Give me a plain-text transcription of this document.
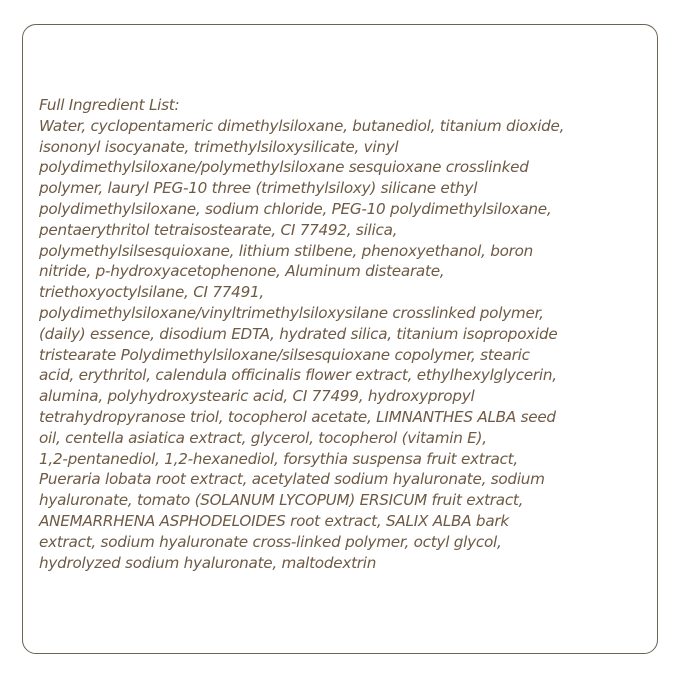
Full Ingredient List:
Water, cyclopentameric dimethylsiloxane, butanediol, titanium dioxide,
isononyl isocyanate, trimethylsiloxysilicate, vinyl
polydimethylsiloxane/polymethylsiloxane sesquioxane crosslinked
polymer, lauryl PEG-10 three (trimethylsiloxy) silicane ethyl
polydimethylsiloxane, sodium chloride, PEG-10 polydimethylsiloxane,
pentaerythritol tetraisostearate, CI 77492, silica,
polymethylsilsesquioxane, lithium stilbene, phenoxyethanol, boron
nitride, p-hydroxyacetophenone, Aluminum distearate,
triethoxyoctylsilane, CI 77491,
polydimethylsiloxane/vinyltrimethylsiloxysilane crosslinked polymer,
(daily) essence, disodium EDTA, hydrated silica, titanium isopropoxide
tristearate Polydimethylsiloxane/silsesquioxane copolymer, stearic
acid, erythritol, calendula officinalis flower extract, ethylhexylglycerin,
alumina, polyhydroxystearic acid, CI 77499, hydroxypropyl
tetrahydropyranose triol, tocopherol acetate, LIMNANTHES ALBA seed
oil, centella asiatica extract, glycerol, tocopherol (vitamin E),
1,2-pentanediol, 1,2-hexanediol, forsythia suspensa fruit extract,
Pueraria lobata root extract, acetylated sodium hyaluronate, sodium
hyaluronate, tomato (SOLANUM LYCOPUM) ERSICUM fruit extract,
ANEMARRHENA ASPHODELOIDES root extract, SALIX ALBA bark
extract, sodium hyaluronate cross-linked polymer, octyl glycol,
hydrolyzed sodium hyaluronate, maltodextrin
